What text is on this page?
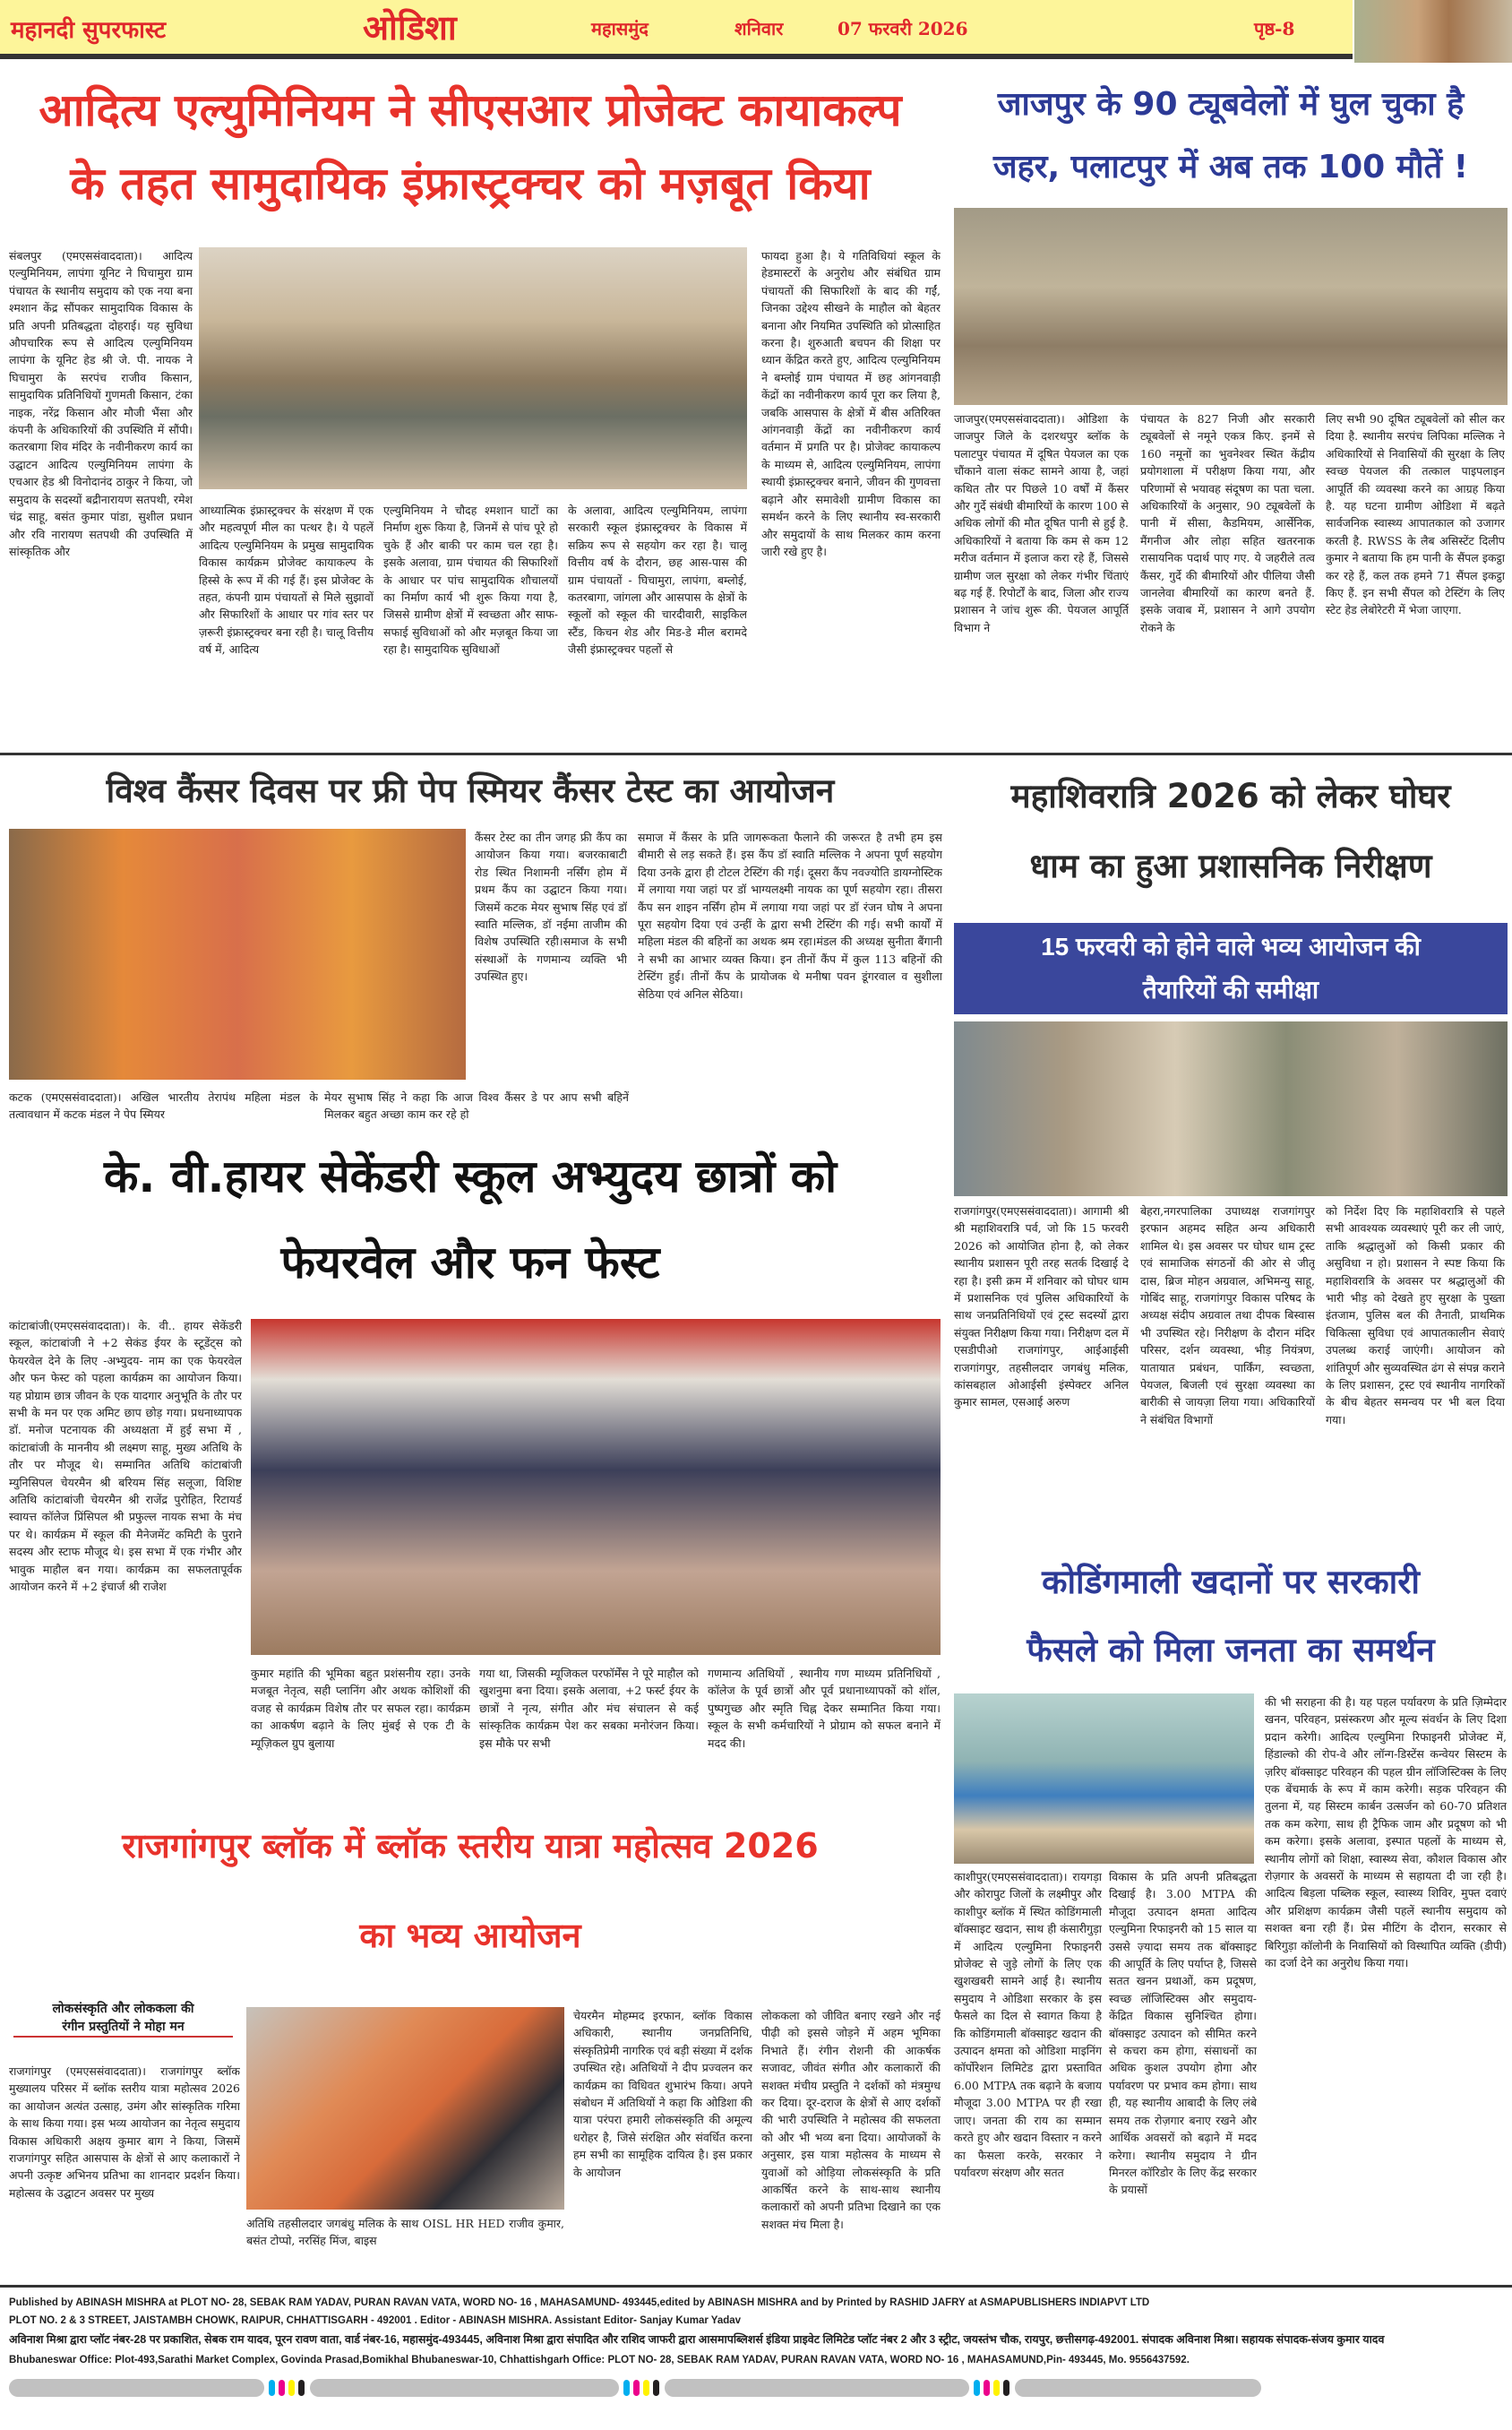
महानदी सुपरफास्ट	ओडिशा	महासमुंद	शनिवार	07 फरवरी 2026	पृष्ठ-8
आदित्य एल्युमिनियम ने सीएसआर प्रोजेक्ट कायाकल्प
के तहत सामुदायिक इंफ्रास्ट्रक्चर को मज़बूत किया
संबलपुर (एमएससंवाददाता)। आदित्य एल्युमिनियम, लापंगा यूनिट ने घिचामुरा ग्राम पंचायत के स्थानीय समुदाय को एक नया बना श्मशान केंद्र सौंपकर सामुदायिक विकास के प्रति अपनी प्रतिबद्धता दोहराई। यह सुविधा औपचारिक रूप से आदित्य एल्युमिनियम लापंगा के यूनिट हेड श्री जे. पी. नायक ने घिचामुरा के सरपंच राजीव किसान, सामुदायिक प्रतिनिधियों गुणमती किसान, टंका नाइक, नरेंद्र किसान और मौजी भैंसा और कंपनी के अधिकारियों की उपस्थिति में सौंपी। कतरबागा शिव मंदिर के नवीनीकरण कार्य का उद्घाटन आदित्य एल्युमिनियम लापंगा के एचआर हेड श्री विनोदानंद ठाकुर ने किया, जो समुदाय के सदस्यों बद्रीनारायण सतपथी, रमेश चंद्र साहू, बसंत कुमार पांडा, सुशील प्रधान और रवि नारायण सतपथी की उपस्थिति में सांस्कृतिक और
आध्यात्मिक इंफ्रास्ट्रक्चर के संरक्षण में एक और महत्वपूर्ण मील का पत्थर है। ये पहलें आदित्य एल्युमिनियम के प्रमुख सामुदायिक विकास कार्यक्रम प्रोजेक्ट कायाकल्प के हिस्से के रूप में की गई हैं। इस प्रोजेक्ट के तहत, कंपनी ग्राम पंचायतों से मिले सुझावों और सिफारिशों के आधार पर गांव स्तर पर ज़रूरी इंफ्रास्ट्रक्चर बना रही है। चालू वित्तीय वर्ष में, आदित्य
एल्युमिनियम ने चौदह श्मशान घाटों का निर्माण शुरू किया है, जिनमें से पांच पूरे हो चुके हैं और बाकी पर काम चल रहा है। इसके अलावा, ग्राम पंचायत की सिफारिशों के आधार पर पांच सामुदायिक शौचालयों का निर्माण कार्य भी शुरू किया गया है, जिससे ग्रामीण क्षेत्रों में स्वच्छता और साफ-सफाई सुविधाओं को और मज़बूत किया जा रहा है। सामुदायिक सुविधाओं
के अलावा, आदित्य एल्युमिनियम, लापंगा सरकारी स्कूल इंफ्रास्ट्रक्चर के विकास में सक्रिय रूप से सहयोग कर रहा है। चालू वित्तीय वर्ष के दौरान, छह आस-पास की ग्राम पंचायतों - घिचामुरा, लापंगा, बम्लोई, कतरबागा, जांगला और आसपास के क्षेत्रों के स्कूलों को स्कूल की चारदीवारी, साइकिल स्टैंड, किचन शेड और मिड-डे मील बरामदे जैसी इंफ्रास्ट्रक्चर पहलों से
फायदा हुआ है। ये गतिविधियां स्कूल के हेडमास्टरों के अनुरोध और संबंधित ग्राम पंचायतों की सिफारिशों के बाद की गईं, जिनका उद्देश्य सीखने के माहौल को बेहतर बनाना और नियमित उपस्थिति को प्रोत्साहित करना है। शुरुआती बचपन की शिक्षा पर ध्यान केंद्रित करते हुए, आदित्य एल्युमिनियम ने बम्लोई ग्राम पंचायत में छह आंगनवाड़ी केंद्रों का नवीनीकरण कार्य पूरा कर लिया है, जबकि आसपास के क्षेत्रों में बीस अतिरिक्त आंगनवाड़ी केंद्रों का नवीनीकरण कार्य वर्तमान में प्रगति पर है। प्रोजेक्ट कायाकल्प के माध्यम से, आदित्य एल्युमिनियम, लापंगा स्थायी इंफ्रास्ट्रक्चर बनाने, जीवन की गुणवत्ता बढ़ाने और समावेशी ग्रामीण विकास का समर्थन करने के लिए स्थानीय स्व-सरकारी और समुदायों के साथ मिलकर काम करना जारी रखे हुए है।
जाजपुर के 90 ट्यूबवेलों में घुल चुका है
जहर, पलाटपुर में अब तक 100 मौतें !
जाजपुर(एमएससंवाददाता)। ओडिशा के जाजपुर जिले के दशरथपुर ब्लॉक के पलाटपुर पंचायत में दूषित पेयजल का एक चौंकाने वाला संकट सामने आया है, जहां कथित तौर पर पिछले 10 वर्षों में कैंसर और गुर्दे संबंधी बीमारियों के कारण 100 से अधिक लोगों की मौत दूषित पानी से हुई है. अधिकारियों ने बताया कि कम से कम 12 मरीज वर्तमान में इलाज करा रहे हैं, जिससे ग्रामीण जल सुरक्षा को लेकर गंभीर चिंताएं बढ़ गई हैं. रिपोर्टों के बाद, जिला और राज्य प्रशासन ने जांच शुरू की. पेयजल आपूर्ति विभाग ने
पंचायत के 827 निजी और सरकारी ट्यूबवेलों से नमूने एकत्र किए. इनमें से 160 नमूनों का भुवनेश्वर स्थित केंद्रीय प्रयोगशाला में परीक्षण किया गया, और परिणामों से भयावह संदूषण का पता चला. अधिकारियों के अनुसार, 90 ट्यूबवेलों के पानी में सीसा, कैडमियम, आर्सेनिक, मैंगनीज और लोहा सहित खतरनाक रासायनिक पदार्थ पाए गए. ये जहरीले तत्व कैंसर, गुर्दे की बीमारियों और पीलिया जैसी जानलेवा बीमारियों का कारण बनते हैं. इसके जवाब में, प्रशासन ने आगे उपयोग रोकने के
लिए सभी 90 दूषित ट्यूबवेलों को सील कर दिया है. स्थानीय सरपंच लिपिका मल्लिक ने अधिकारियों से निवासियों की सुरक्षा के लिए स्वच्छ पेयजल की तत्काल पाइपलाइन आपूर्ति की व्यवस्था करने का आग्रह किया है. यह घटना ग्रामीण ओडिशा में बढ़ते सार्वजनिक स्वास्थ्य आपातकाल को उजागर करती है. RWSS के लैब असिस्टेंट दिलीप कुमार ने बताया कि हम पानी के सैंपल इकट्ठा कर रहे हैं, कल तक हमने 71 सैंपल इकट्ठा किए हैं. इन सभी सैंपल को टेस्टिंग के लिए स्टेट हेड लेबोरेटरी में भेजा जाएगा.
विश्व कैंसर दिवस पर फ्री पेप स्मियर कैंसर टेस्ट का आयोजन
कैंसर टेस्ट का तीन जगह फ्री कैंप का आयोजन किया गया। बजरकाबाटी रोड स्थित निशामनी नर्सिंग होम में प्रथम कैंप का उद्घाटन किया गया। जिसमें कटक मेयर सुभाष सिंह एवं डॉ स्वाति मल्लिक, डॉ नईमा ताजीम की विशेष उपस्थिति रही।समाज के सभी संस्थाओं के गणमान्य व्यक्ति भी उपस्थित हुए।
समाज में कैंसर के प्रति जागरूकता फैलाने की जरूरत है तभी हम इस बीमारी से लड़ सकते हैं। इस कैंप डॉ स्वाति मल्लिक ने अपना पूर्ण सहयोग दिया उनके द्वारा ही टोटल टेस्टिंग की गई। दूसरा कैंप नवज्योति डायग्नोस्टिक में लगाया गया जहां पर डॉ भाग्यलक्ष्मी नायक का पूर्ण सहयोग रहा। तीसरा कैंप सन शाइन नर्सिंग होम में लगाया गया जहां पर डॉ रंजन घोष ने अपना पूरा सहयोग दिया एवं उन्हीं के द्वारा सभी टेस्टिंग की गई। सभी कार्यों में महिला मंडल की बहिनों का अथक श्रम रहा।मंडल की अध्यक्ष सुनीता बैंगानी ने सभी का आभार व्यक्त किया। इन तीनों कैंप में कुल 113 बहिनों की टेस्टिंग हुई। तीनों कैंप के प्रायोजक थे मनीषा पवन डूंगरवाल व सुशीला सेठिया एवं अनिल सेठिया।
कटक (एमएससंवाददाता)। अखिल भारतीय तेरापंथ महिला मंडल के तत्वावधान में कटक मंडल ने पेप स्मियर
मेयर सुभाष सिंह ने कहा कि आज विश्व कैंसर डे पर आप सभी बहिनें मिलकर बहुत अच्छा काम कर रहे हो
महाशिवरात्रि 2026 को लेकर घोघर
धाम का हुआ प्रशासनिक निरीक्षण
15 फरवरी को होने वाले भव्य आयोजन की
तैयारियों की समीक्षा
राजगांगपुर(एमएससंवाददाता)। आगामी श्री श्री महाशिवरात्रि पर्व, जो कि 15 फरवरी 2026 को आयोजित होना है, को लेकर स्थानीय प्रशासन पूरी तरह सतर्क दिखाई दे रहा है। इसी क्रम में शनिवार को घोघर धाम में प्रशासनिक एवं पुलिस अधिकारियों के साथ जनप्रतिनिधियों एवं ट्रस्ट सदस्यों द्वारा संयुक्त निरीक्षण किया गया। निरीक्षण दल में एसडीपीओ राजगांगपुर, आईआईसी राजगांगपुर, तहसीलदार जगबंधु मलिक, कांसबहाल ओआईसी इंस्पेक्टर अनिल कुमार सामल, एसआई अरुण
बेहरा,नगरपालिका उपाध्यक्ष राजगांगपुर इरफान अहमद सहित अन्य अधिकारी शामिल थे। इस अवसर पर घोघर धाम ट्रस्ट एवं सामाजिक संगठनों की ओर से जीतू दास, ब्रिज मोहन अग्रवाल, अभिमन्यु साहू, गोबिंद साहू, राजगांगपुर विकास परिषद के अध्यक्ष संदीप अग्रवाल तथा दीपक बिस्वास भी उपस्थित रहे। निरीक्षण के दौरान मंदिर परिसर, दर्शन व्यवस्था, भीड़ नियंत्रण, यातायात प्रबंधन, पार्किंग, स्वच्छता, पेयजल, बिजली एवं सुरक्षा व्यवस्था का बारीकी से जायज़ा लिया गया। अधिकारियों ने संबंधित विभागों
को निर्देश दिए कि महाशिवरात्रि से पहले सभी आवश्यक व्यवस्थाएं पूरी कर ली जाएं, ताकि श्रद्धालुओं को किसी प्रकार की असुविधा न हो। प्रशासन ने स्पष्ट किया कि महाशिवरात्रि के अवसर पर श्रद्धालुओं की भारी भीड़ को देखते हुए सुरक्षा के पुख्ता इंतजाम, पुलिस बल की तैनाती, प्राथमिक चिकित्सा सुविधा एवं आपातकालीन सेवाएं उपलब्ध कराई जाएंगी। आयोजन को शांतिपूर्ण और सुव्यवस्थित ढंग से संपन्न कराने के लिए प्रशासन, ट्रस्ट एवं स्थानीय नागरिकों के बीच बेहतर समन्वय पर भी बल दिया गया।
के. वी.हायर सेकेंडरी स्कूल अभ्युदय छात्रों को
फेयरवेल और फन फेस्ट
कांटाबांजी(एमएससंवाददाता)। के. वी.. हायर सेकेंडरी स्कूल, कांटाबांजी ने +2 सेकंड ईयर के स्टूडेंट्स को फेयरवेल देने के लिए -अभ्युदय- नाम का एक फेयरवेल और फन फेस्ट को पहला कार्यक्रम का आयोजन किया। यह प्रोग्राम छात्र जीवन के एक यादगार अनुभूति के तौर पर सभी के मन पर एक अमिट छाप छोड़ गया। प्रधनाध्यापक डॉ. मनोज पटनायक की अध्यक्षता में हुई सभा में , कांटाबांजी के माननीय श्री लक्ष्मण साहू, मुख्य अतिथि के तौर पर मौजूद थे। सम्मानित अतिथि कांटाबांजी म्युनिसिपल चेयरमैन श्री बरियम सिंह सलूजा, विशिष्ट अतिथि कांटाबांजी चेयरमैन श्री राजेंद्र पुरोहित, रिटायर्ड स्वायत्त कॉलेज प्रिंसिपल श्री प्रफुल्ल नायक सभा के मंच पर थे। कार्यक्रम में स्कूल की मैनेजमेंट कमिटी के पुराने सदस्य और स्टाफ मौजूद थे। इस सभा में एक गंभीर और भावुक माहौल बन गया। कार्यक्रम का सफलतापूर्वक आयोजन करने में +2 इंचार्ज श्री राजेश
कुमार महांति की भूमिका बहुत प्रशंसनीय रहा। उनके मजबूत नेतृत्व, सही प्लानिंग और अथक कोशिशों की वजह से कार्यक्रम विशेष तौर पर सफल रहा। कार्यक्रम का आकर्षण बढ़ाने के लिए मुंबई से एक टी के म्यूज़िकल ग्रुप बुलाया
गया था, जिसकी म्यूजिकल परफॉर्मेंस ने पूरे माहौल को खुशनुमा बना दिया। इसके अलावा, +2 फर्स्ट ईयर के छात्रों ने नृत्य, संगीत और मंच संचालन से कई सांस्कृतिक कार्यक्रम पेश कर सबका मनोरंजन किया। इस मौके पर सभी
गणमान्य अतिथियों , स्थानीय गण माध्यम प्रतिनिधियों , कॉलेज के पूर्व छात्रों और पूर्व प्रधानाध्यापकों को शॉल, पुष्पगुच्छ और स्मृति चिह्न देकर सम्मानित किया गया। स्कूल के सभी कर्मचारियों ने प्रोग्राम को सफल बनाने में मदद की।
कोडिंगमाली खदानों पर सरकारी
फैसले को मिला जनता का समर्थन
काशीपुर(एमएससंवाददाता)। रायगड़ा और कोरापुट जिलों के लक्ष्मीपुर और काशीपुर ब्लॉक में स्थित कोडिंगमाली बॉक्साइट खदान, साथ ही कंसारीगुड़ा में आदित्य एल्युमिना रिफाइनरी प्रोजेक्ट से जुड़े लोगों के लिए एक खुशखबरी सामने आई है। स्थानीय समुदाय ने ओडिशा सरकार के इस फैसले का दिल से स्वागत किया है कि कोडिंगमाली बॉक्साइट खदान की उत्पादन क्षमता को ओडिशा माइनिंग कॉर्पोरेशन लिमिटेड द्वारा प्रस्तावित 6.00 MTPA तक बढ़ाने के बजाय मौजूदा 3.00 MTPA पर ही रखा जाए। जनता की राय का सम्मान करते हुए और खदान विस्तार न करने का फैसला करके, सरकार ने पर्यावरण संरक्षण और सतत
विकास के प्रति अपनी प्रतिबद्धता दिखाई है। 3.00 MTPA की मौजूदा उत्पादन क्षमता आदित्य एल्युमिना रिफाइनरी को 15 साल या उससे ज़्यादा समय तक बॉक्साइट की आपूर्ति के लिए पर्याप्त है, जिससे सतत खनन प्रथाओं, कम प्रदूषण, स्वच्छ लॉजिस्टिक्स और समुदाय-केंद्रित विकास सुनिश्चित होगा। बॉक्साइट उत्पादन को सीमित करने से कचरा कम होगा, संसाधनों का अधिक कुशल उपयोग होगा और पर्यावरण पर प्रभाव कम होगा। साथ ही, यह स्थानीय आबादी के लिए लंबे समय तक रोज़गार बनाए रखने और आर्थिक अवसरों को बढ़ाने में मदद करेगा। स्थानीय समुदाय ने ग्रीन मिनरल कॉरिडोर के लिए केंद्र सरकार के प्रयासों
की भी सराहना की है। यह पहल पर्यावरण के प्रति ज़िम्मेदार खनन, परिवहन, प्रसंस्करण और मूल्य संवर्धन के लिए दिशा प्रदान करेगी। आदित्य एल्युमिना रिफाइनरी प्रोजेक्ट में, हिंडाल्को की रोप-वे और लॉन्ग-डिस्टेंस कन्वेयर सिस्टम के ज़रिए बॉक्साइट परिवहन की पहल ग्रीन लॉजिस्टिक्स के लिए एक बेंचमार्क के रूप में काम करेगी। सड़क परिवहन की तुलना में, यह सिस्टम कार्बन उत्सर्जन को 60-70 प्रतिशत तक कम करेगा, साथ ही ट्रैफिक जाम और प्रदूषण को भी कम करेगा। इसके अलावा, इस्पात पहलों के माध्यम से, स्थानीय लोगों को शिक्षा, स्वास्थ्य सेवा, कौशल विकास और रोज़गार के अवसरों के माध्यम से सहायता दी जा रही है। आदित्य बिड़ला पब्लिक स्कूल, स्वास्थ्य शिविर, मुफ्त दवाएं और प्रशिक्षण कार्यक्रम जैसी पहलें स्थानीय समुदाय को सशक्त बना रही हैं। प्रेस मीटिंग के दौरान, सरकार से बिरिगुड़ा कॉलोनी के निवासियों को विस्थापित व्यक्ति (डीपी) का दर्जा देने का अनुरोध किया गया।
राजगांगपुर ब्लॉक में ब्लॉक स्तरीय यात्रा महोत्सव 2026
का भव्य आयोजन
लोकसंस्कृति और लोककला की
रंगीन प्रस्तुतियों ने मोहा मन
राजगांगपुर (एमएससंवाददाता)। राजगांगपुर ब्लॉक मुख्यालय परिसर में ब्लॉक स्तरीय यात्रा महोत्सव 2026 का आयोजन अत्यंत उत्साह, उमंग और सांस्कृतिक गरिमा के साथ किया गया। इस भव्य आयोजन का नेतृत्व समुदाय विकास अधिकारी अक्षय कुमार बाग ने किया, जिसमें राजगांगपुर सहित आसपास के क्षेत्रों से आए कलाकारों ने अपनी उत्कृष्ट अभिनय प्रतिभा का शानदार प्रदर्शन किया। महोत्सव के उद्घाटन अवसर पर मुख्य
अतिथि तहसीलदार जगबंधु मलिक के साथ OISL HR HED राजीव कुमार, बसंत टोप्पो, नरसिंह मिंज, बाइस
चेयरमैन मोहम्मद इरफान, ब्लॉक विकास अधिकारी, स्थानीय जनप्रतिनिधि, संस्कृतिप्रेमी नागरिक एवं बड़ी संख्या में दर्शक उपस्थित रहे। अतिथियों ने दीप प्रज्वलन कर कार्यक्रम का विधिवत शुभारंभ किया। अपने संबोधन में अतिथियों ने कहा कि ओडिशा की यात्रा परंपरा हमारी लोकसंस्कृति की अमूल्य धरोहर है, जिसे संरक्षित और संवर्धित करना हम सभी का सामूहिक दायित्व है। इस प्रकार के आयोजन
लोककला को जीवित बनाए रखने और नई पीढ़ी को इससे जोड़ने में अहम भूमिका निभाते हैं। रंगीन रोशनी की आकर्षक सजावट, जीवंत संगीत और कलाकारों की सशक्त मंचीय प्रस्तुति ने दर्शकों को मंत्रमुग्ध कर दिया। दूर-दराज के क्षेत्रों से आए दर्शकों की भारी उपस्थिति ने महोत्सव की सफलता को और भी भव्य बना दिया। आयोजकों के अनुसार, इस यात्रा महोत्सव के माध्यम से युवाओं को ओड़िया लोकसंस्कृति के प्रति आकर्षित करने के साथ-साथ स्थानीय कलाकारों को अपनी प्रतिभा दिखाने का एक सशक्त मंच मिला है।
Published by ABINASH MISHRA at PLOT NO- 28, SEBAK RAM YADAV, PURAN RAVAN VATA, WORD NO- 16 , MAHASAMUND- 493445,edited by ABINASH MISHRA and by Printed by RASHID JAFRY at ASMAPUBLISHERS INDIAPVT LTD
PLOT NO. 2 & 3 STREET, JAISTAMBH CHOWK, RAIPUR, CHHATTISGARH - 492001 . Editor - ABINASH MISHRA. Assistant Editor- Sanjay Kumar Yadav
अविनाश मिश्रा द्वारा प्लॉट नंबर-28 पर प्रकाशित, सेबक राम यादव, पूरन रावण वाता, वार्ड नंबर-16, महासमुंद-493445, अविनाश मिश्रा द्वारा संपादित और राशिद जाफरी द्वारा आसमापब्लिशर्स इंडिया प्राइवेट लिमिटेड प्लॉट नंबर 2 और 3 स्ट्रीट, जयस्तंभ चौक, रायपुर, छत्तीसगढ़-492001. संपादक अविनाश मिश्रा। सहायक संपादक-संजय कुमार यादव
Bhubaneswar Office: Plot-493,Sarathi Market Complex, Govinda Prasad,Bomikhal Bhubaneswar-10, Chhattishgarh Office: PLOT NO- 28, SEBAK RAM YADAV, PURAN RAVAN VATA, WORD NO- 16 , MAHASAMUND,Pin- 493445, Mo. 9556437592.
